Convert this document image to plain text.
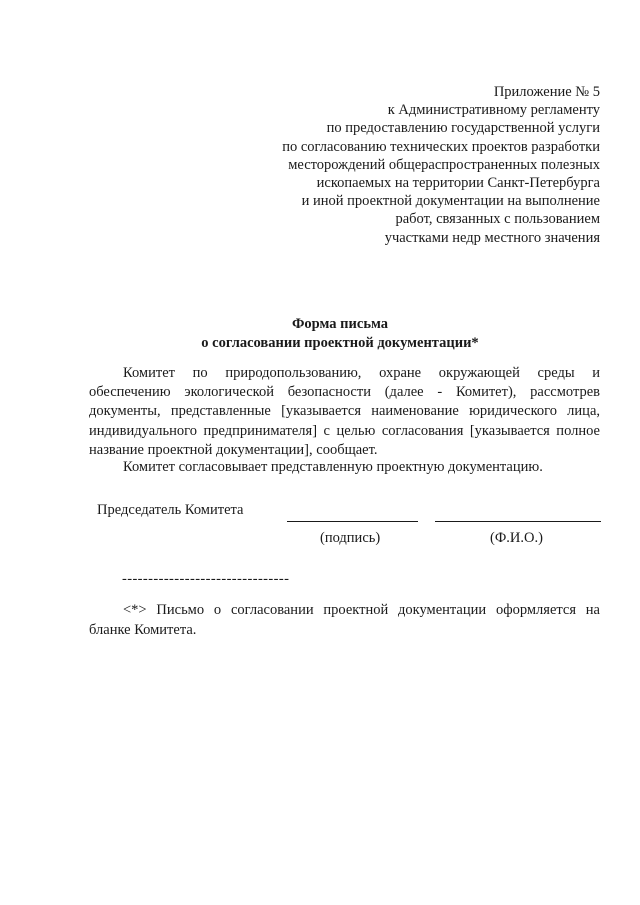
Приложение № 5
к Административному регламенту
по предоставлению государственной услуги
по согласованию технических проектов разработки
месторождений общераспространенных полезных
ископаемых на территории Санкт-Петербурга
и иной проектной документации на выполнение
работ, связанных с пользованием
участками недр местного значения
Форма письма
о согласовании проектной документации*
Комитет по природопользованию, охране окружающей среды и обеспечению экологической безопасности (далее - Комитет), рассмотрев документы, представленные [указывается наименование юридического лица, индивидуального предпринимателя] с целью согласования [указывается полное название проектной документации], сообщает.
Комитет согласовывает представленную проектную документацию.
Председатель Комитета
(подпись)	(Ф.И.О.)
--------------------------------
<*> Письмо о согласовании проектной документации оформляется на бланке Комитета.
